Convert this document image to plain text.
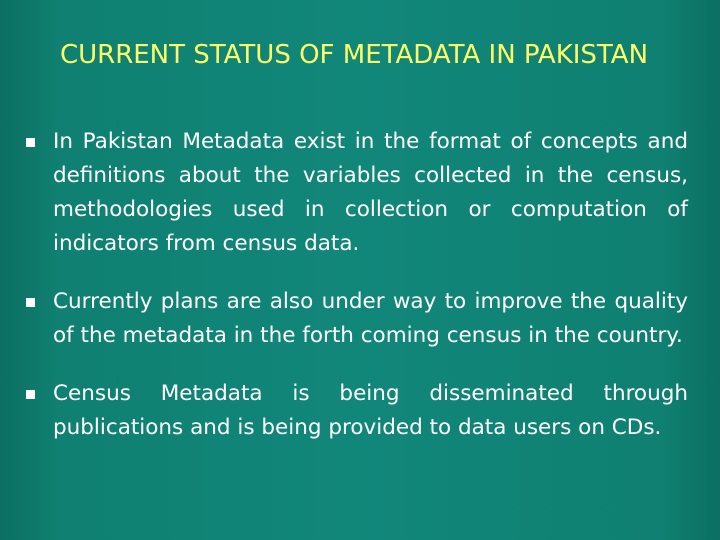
CURRENT STATUS OF METADATA IN PAKISTAN
In Pakistan Metadata exist in the format of concepts and definitions about the variables collected in the census, methodologies used in collection or computation of indicators from census data.
Currently plans are also under way to improve the quality of the metadata in the forth coming census in the country.
Census Metadata is being disseminated through publications and is being provided to data users on CDs.
